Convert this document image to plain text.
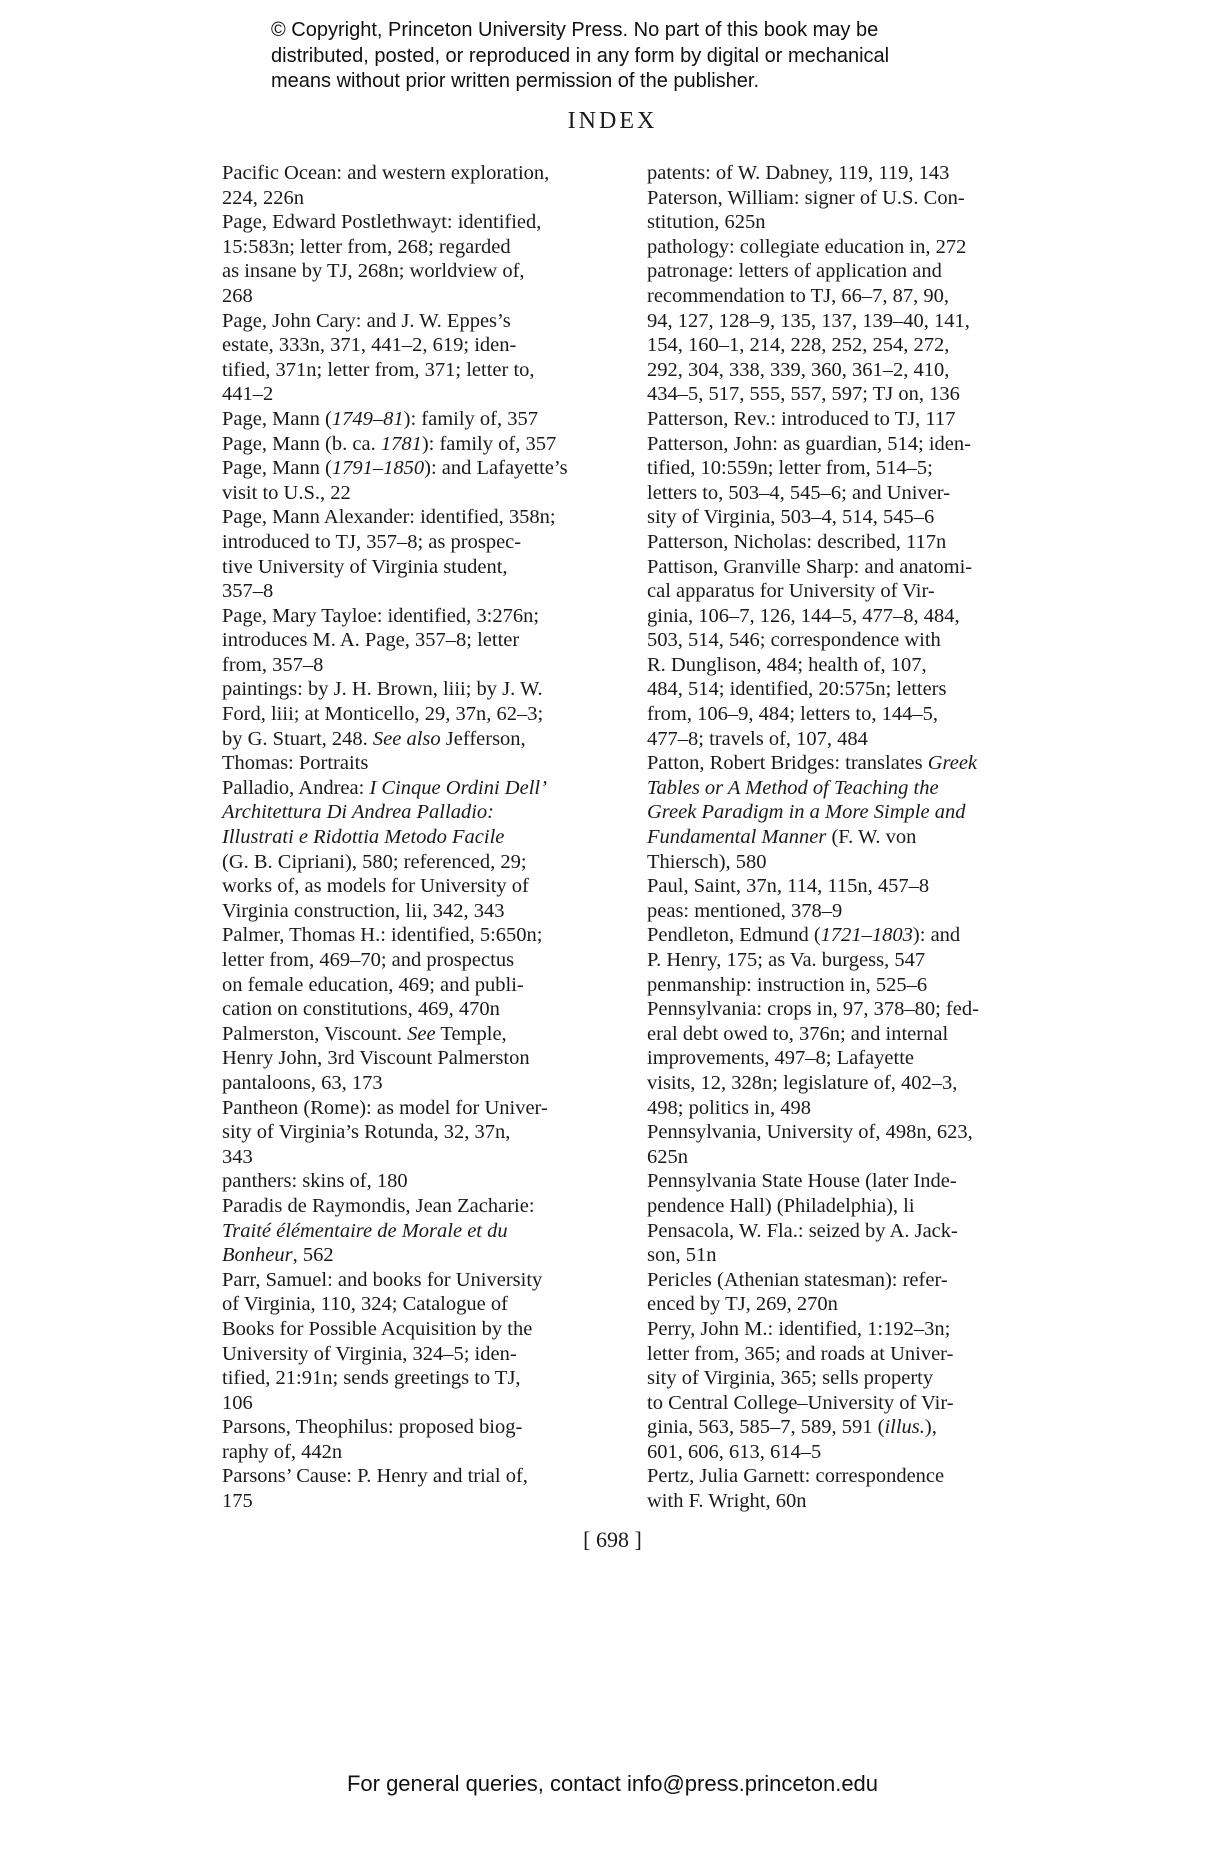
© Copyright, Princeton University Press. No part of this book may be
distributed, posted, or reproduced in any form by digital or mechanical
means without prior written permission of the publisher.
INDEX
Pacific Ocean: and western exploration,
224, 226n
Page, Edward Postlethwayt: identified,
15:583n; letter from, 268; regarded
as insane by TJ, 268n; worldview of,
268
Page, John Cary: and J. W. Eppes’s
estate, 333n, 371, 441–2, 619; iden-
tified, 371n; letter from, 371; letter to,
441–2
Page, Mann (1749–81): family of, 357
Page, Mann (b. ca. 1781): family of, 357
Page, Mann (1791–1850): and Lafayette’s
visit to U.S., 22
Page, Mann Alexander: identified, 358n;
introduced to TJ, 357–8; as prospec-
tive University of Virginia student,
357–8
Page, Mary Tayloe: identified, 3:276n;
introduces M. A. Page, 357–8; letter
from, 357–8
paintings: by J. H. Brown, liii; by J. W.
Ford, liii; at Monticello, 29, 37n, 62–3;
by G. Stuart, 248. See also Jefferson,
Thomas: Portraits
Palladio, Andrea: I Cinque Ordini Dell’
Architettura Di Andrea Palladio:
Illustrati e Ridottia Metodo Facile
(G. B. Cipriani), 580; referenced, 29;
works of, as models for University of
Virginia construction, lii, 342, 343
Palmer, Thomas H.: identified, 5:650n;
letter from, 469–70; and prospectus
on female education, 469; and publi-
cation on constitutions, 469, 470n
Palmerston, Viscount. See Temple,
Henry John, 3rd Viscount Palmerston
pantaloons, 63, 173
Pantheon (Rome): as model for Univer-
sity of Virginia’s Rotunda, 32, 37n,
343
panthers: skins of, 180
Paradis de Raymondis, Jean Zacharie:
Traité élémentaire de Morale et du
Bonheur, 562
Parr, Samuel: and books for University
of Virginia, 110, 324; Catalogue of
Books for Possible Acquisition by the
University of Virginia, 324–5; iden-
tified, 21:91n; sends greetings to TJ,
106
Parsons, Theophilus: proposed biog-
raphy of, 442n
Parsons’ Cause: P. Henry and trial of,
175
patents: of W. Dabney, 119, 119, 143
Paterson, William: signer of U.S. Con-
stitution, 625n
pathology: collegiate education in, 272
patronage: letters of application and
recommendation to TJ, 66–7, 87, 90,
94, 127, 128–9, 135, 137, 139–40, 141,
154, 160–1, 214, 228, 252, 254, 272,
292, 304, 338, 339, 360, 361–2, 410,
434–5, 517, 555, 557, 597; TJ on, 136
Patterson, Rev.: introduced to TJ, 117
Patterson, John: as guardian, 514; iden-
tified, 10:559n; letter from, 514–5;
letters to, 503–4, 545–6; and Univer-
sity of Virginia, 503–4, 514, 545–6
Patterson, Nicholas: described, 117n
Pattison, Granville Sharp: and anatomi-
cal apparatus for University of Vir-
ginia, 106–7, 126, 144–5, 477–8, 484,
503, 514, 546; correspondence with
R. Dunglison, 484; health of, 107,
484, 514; identified, 20:575n; letters
from, 106–9, 484; letters to, 144–5,
477–8; travels of, 107, 484
Patton, Robert Bridges: translates Greek
Tables or A Method of Teaching the
Greek Paradigm in a More Simple and
Fundamental Manner (F. W. von
Thiersch), 580
Paul, Saint, 37n, 114, 115n, 457–8
peas: mentioned, 378–9
Pendleton, Edmund (1721–1803): and
P. Henry, 175; as Va. burgess, 547
penmanship: instruction in, 525–6
Pennsylvania: crops in, 97, 378–80; fed-
eral debt owed to, 376n; and internal
improvements, 497–8; Lafayette
visits, 12, 328n; legislature of, 402–3,
498; politics in, 498
Pennsylvania, University of, 498n, 623,
625n
Pennsylvania State House (later Inde-
pendence Hall) (Philadelphia), li
Pensacola, W. Fla.: seized by A. Jack-
son, 51n
Pericles (Athenian statesman): refer-
enced by TJ, 269, 270n
Perry, John M.: identified, 1:192–3n;
letter from, 365; and roads at Univer-
sity of Virginia, 365; sells property
to Central College–University of Vir-
ginia, 563, 585–7, 589, 591 (illus.),
601, 606, 613, 614–5
Pertz, Julia Garnett: correspondence
with F. Wright, 60n
[ 698 ]
For general queries, contact info@press.princeton.edu
